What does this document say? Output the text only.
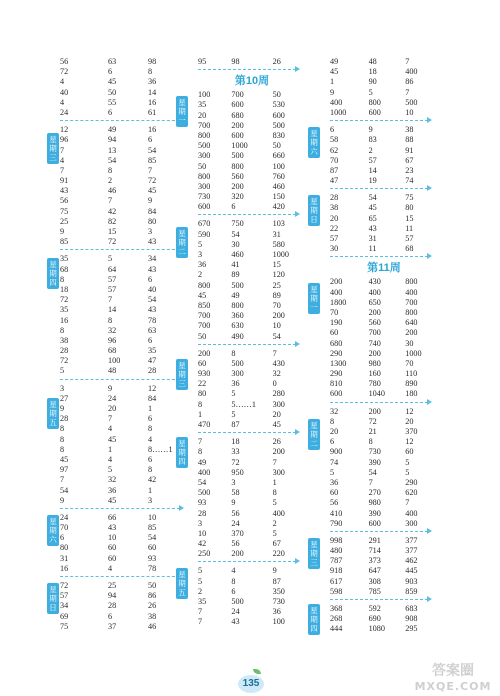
56	63	98
72	6	8
4	45	36
40	50	14
4	55	16
24	6	61
星期三
12	49	16
96	94	6
7	13	54
4	54	85
7	8	7
91	2	72
43	46	45
56	7	9
75	42	84
25	82	80
9	15	3
85	72	43
星期四
35	5	34
68	64	43
8	57	6
18	57	40
72	7	54
35	14	43
16	8	78
8	32	63
38	96	6
28	68	35
72	100	47
5	48	28
星期五
3	9	12
27	24	84
9	20	1
28	7	6
8	4	8
8	45	4
8	1	8……1
45	4	6
97	5	8
7	32	42
54	36	1
9	45	3
星期六
24	66	10
70	43	85
6	10	54
80	60	60
31	60	93
16	4	78
星期日
72	25	50
57	94	86
34	28	26
69	6	38
75	37	46
95	98	26
第10周
星期一
100	700	50
35	600	530
20	680	600
700	200	500
800	600	830
500	1000	50
300	500	660
50	800	100
800	560	760
300	200	460
730	320	150
600	6	420
星期二
670	750	103
590	54	31
5	30	580
3	460	1000
36	41	15
2	89	120
800	500	25
45	49	89
850	800	70
700	360	200
700	630	10
50	490	54
星期三
200	8	7
60	500	430
930	300	32
22	36	0
80	5	280
8	5……1	300
1	5	20
470	87	45
星期四
7	18	26
8	33	200
49	72	7
400	950	300
54	3	1
500	58	8
93	9	5
28	56	400
3	24	2
10	370	5
42	56	67
250	200	220
星期五
5	4	9
5	8	87
2	6	350
35	500	730
7	24	36
7	43	100
49	48	7
45	18	400
1	90	86
9	5	7
400	800	500
1000	600	10
星期六
6	9	38
58	83	88
62	2	91
70	57	67
87	14	23
47	19	74
星期日
28	54	75
38	45	80
20	65	15
22	43	11
57	31	57
30	11	68
第11周
星期一
200	430	800
400	400	400
1800	650	700
70	200	800
190	560	640
60	700	200
680	740	30
290	200	1000
1300	980	70
290	160	110
810	780	890
600	1040	180
星期二
32	200	12
8	72	20
20	21	370
6	8	12
900	730	60
74	390	5
5	54	5
36	7	290
60	270	620
56	980	7
410	390	400
790	600	300
星期三
998	291	377
480	714	377
787	373	462
918	647	445
617	308	903
598	785	859
星期四
368	592	683
268	690	908
444	1080	295
135
答案圈
MXQE.COM
